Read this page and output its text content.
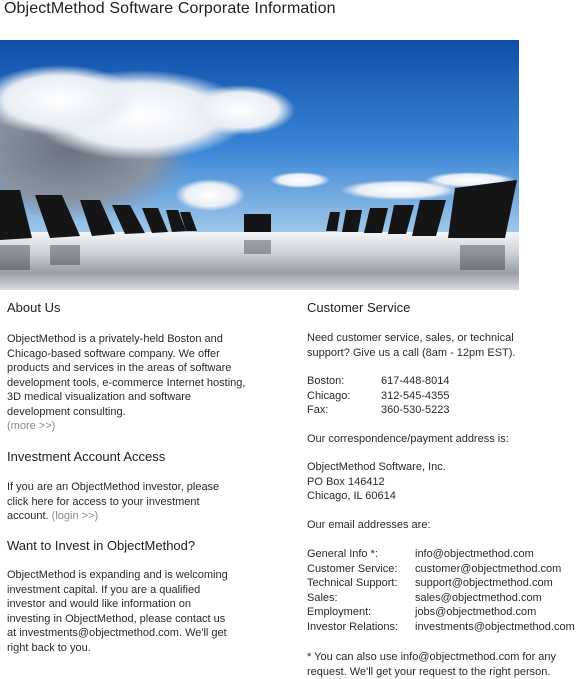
ObjectMethod Software Corporate Information
About Us

ObjectMethod is a privately-held Boston and Chicago-based software company. We offer products and services in the areas of software development tools, e-commerce Internet hosting, 3D medical visualization and software development consulting.
(more >>)

Investment Account Access

If you are an ObjectMethod investor, please click here for access to your investment account. (login >>)

Want to Invest in ObjectMethod?

ObjectMethod is expanding and is welcoming investment capital. If you are a qualified investor and would like information on investing in ObjectMethod, please contact us at investments@objectmethod.com. We'll get right back to you.

Customer Service

Need customer service, sales, or technical support? Give us a call (8am - 12pm EST).

Boston:	617-448-8014
Chicago:	312-545-4355
Fax:	360-530-5223

Our correspondence/payment address is:

ObjectMethod Software, Inc.

PO Box 146412

Chicago, IL 60614

Our email addresses are:

General Info *:	info@objectmethod.com
Customer Service:	customer@objectmethod.com
Technical Support:	support@objectmethod.com
Sales:	sales@objectmethod.com
Employment:	jobs@objectmethod.com
Investor Relations:	investments@objectmethod.com

* You can also use info@objectmethod.com for any request. We'll get your request to the right person.
